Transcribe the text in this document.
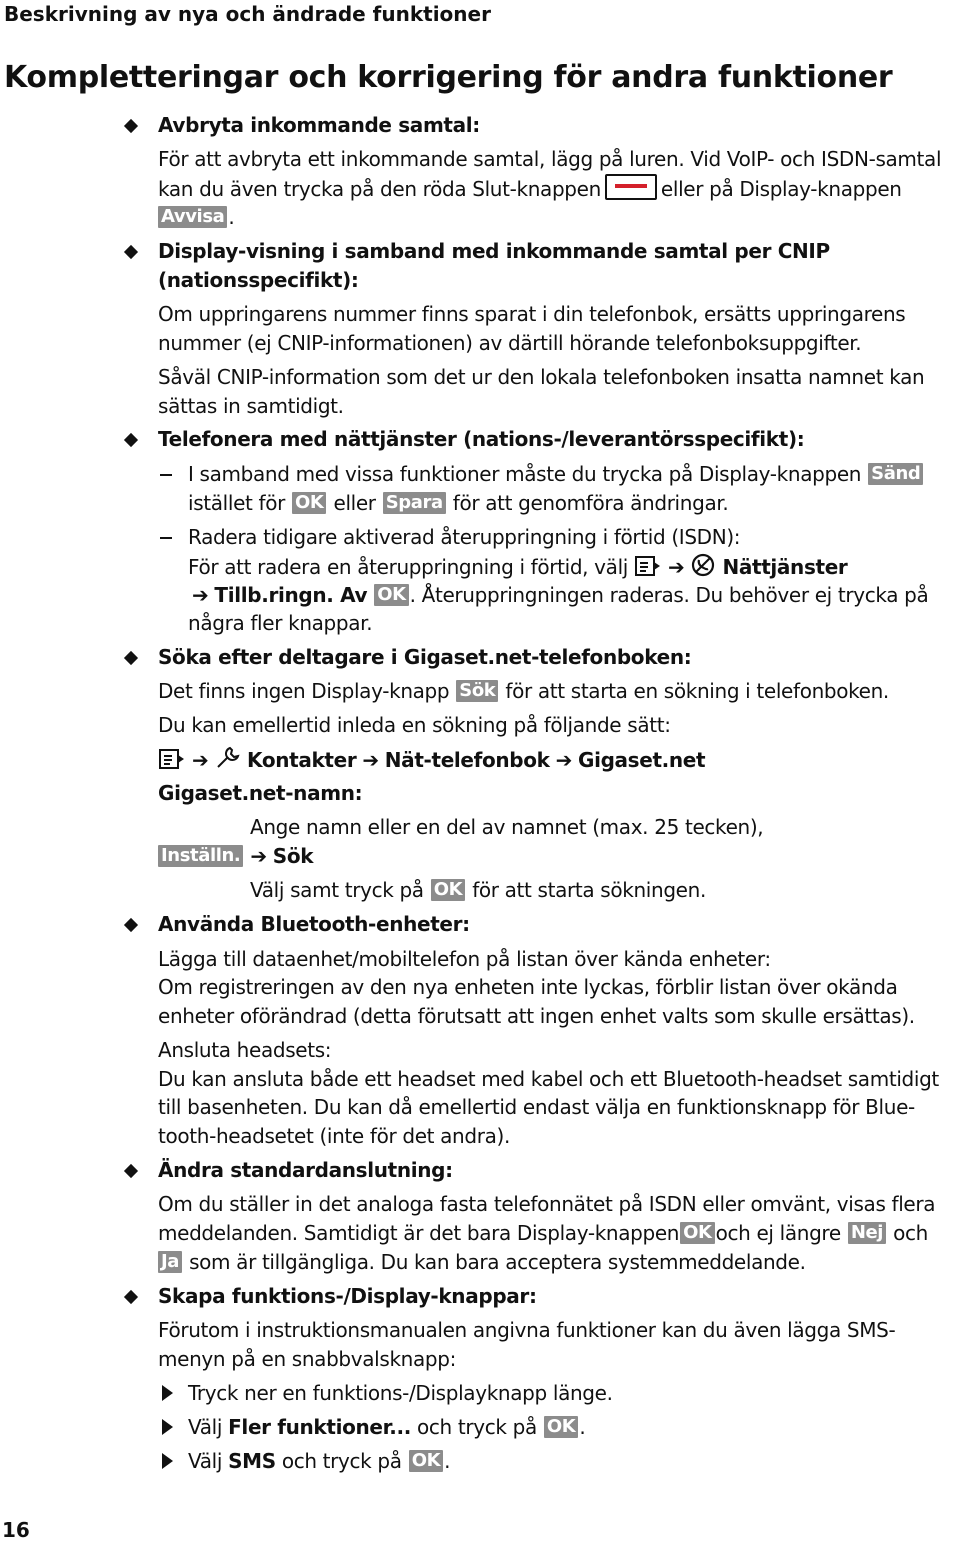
Beskrivning av nya och ändrade funktioner
Kompletteringar och korrigering för andra funktioner
Avbryta inkommande samtal:
För att avbryta ett inkommande samtal, lägg på luren. Vid VoIP- och ISDN-samtal
kan du även trycka på den röda Slut-knappen	eller på Display-knappen
Avvisa .
Display-visning i samband med inkommande samtal per CNIP
(nationsspecifikt):
Om uppringarens nummer finns sparat i din telefonbok, ersätts uppringarens
nummer (ej CNIP-informationen) av därtill hörande telefonboksuppgifter.
Såväl CNIP-information som det ur den lokala telefonboken insatta namnet kan
sättas in samtidigt.
Telefonera med nättjänster (nations-/leverantörsspecifikt):
I samband med vissa funktioner måste du trycka på Display-knappen Sänd
istället för OK eller Spara för att genomföra ändringar.
Radera tidigare aktiverad återuppringning i förtid (ISDN):
För att radera en återuppringning i förtid, välj ➔ Nättjänster
➔ Tillb.ringn. Av OK . Återuppringningen raderas. Du behöver ej trycka på
några fler knappar.
Söka efter deltagare i Gigaset.net-telefonboken:
Det finns ingen Display-knapp Sök för att starta en sökning i telefonboken.
Du kan emellertid inleda en sökning på följande sätt:
➔ Kontakter ➔ Nät-telefonbok ➔ Gigaset.net
Gigaset.net-namn:
Ange namn eller en del av namnet (max. 25 tecken),
Inställn. ➔ Sök
Välj samt tryck på OK för att starta sökningen.
Använda Bluetooth-enheter:
Lägga till dataenhet/mobiltelefon på listan över kända enheter:
Om registreringen av den nya enheten inte lyckas, förblir listan över okända
enheter oförändrad (detta förutsatt att ingen enhet valts som skulle ersättas).
Ansluta headsets:
Du kan ansluta både ett headset med kabel och ett Bluetooth-headset samtidigt
till basenheten. Du kan då emellertid endast välja en funktionsknapp för Blue-
tooth-headsetet (inte för det andra).
Ändra standardanslutning:
Om du ställer in det analoga fasta telefonnätet på ISDN eller omvänt, visas flera
meddelanden. Samtidigt är det bara Display-knappen OK och ej längre Nej och
Ja som är tillgängliga. Du kan bara acceptera systemmeddelande.
Skapa funktions-/Display-knappar:
Förutom i instruktionsmanualen angivna funktioner kan du även lägga SMS-
menyn på en snabbvalsknapp:
Tryck ner en funktions-/Displayknapp länge.
Välj Fler funktioner... och tryck på OK .
Välj SMS och tryck på OK .
16
